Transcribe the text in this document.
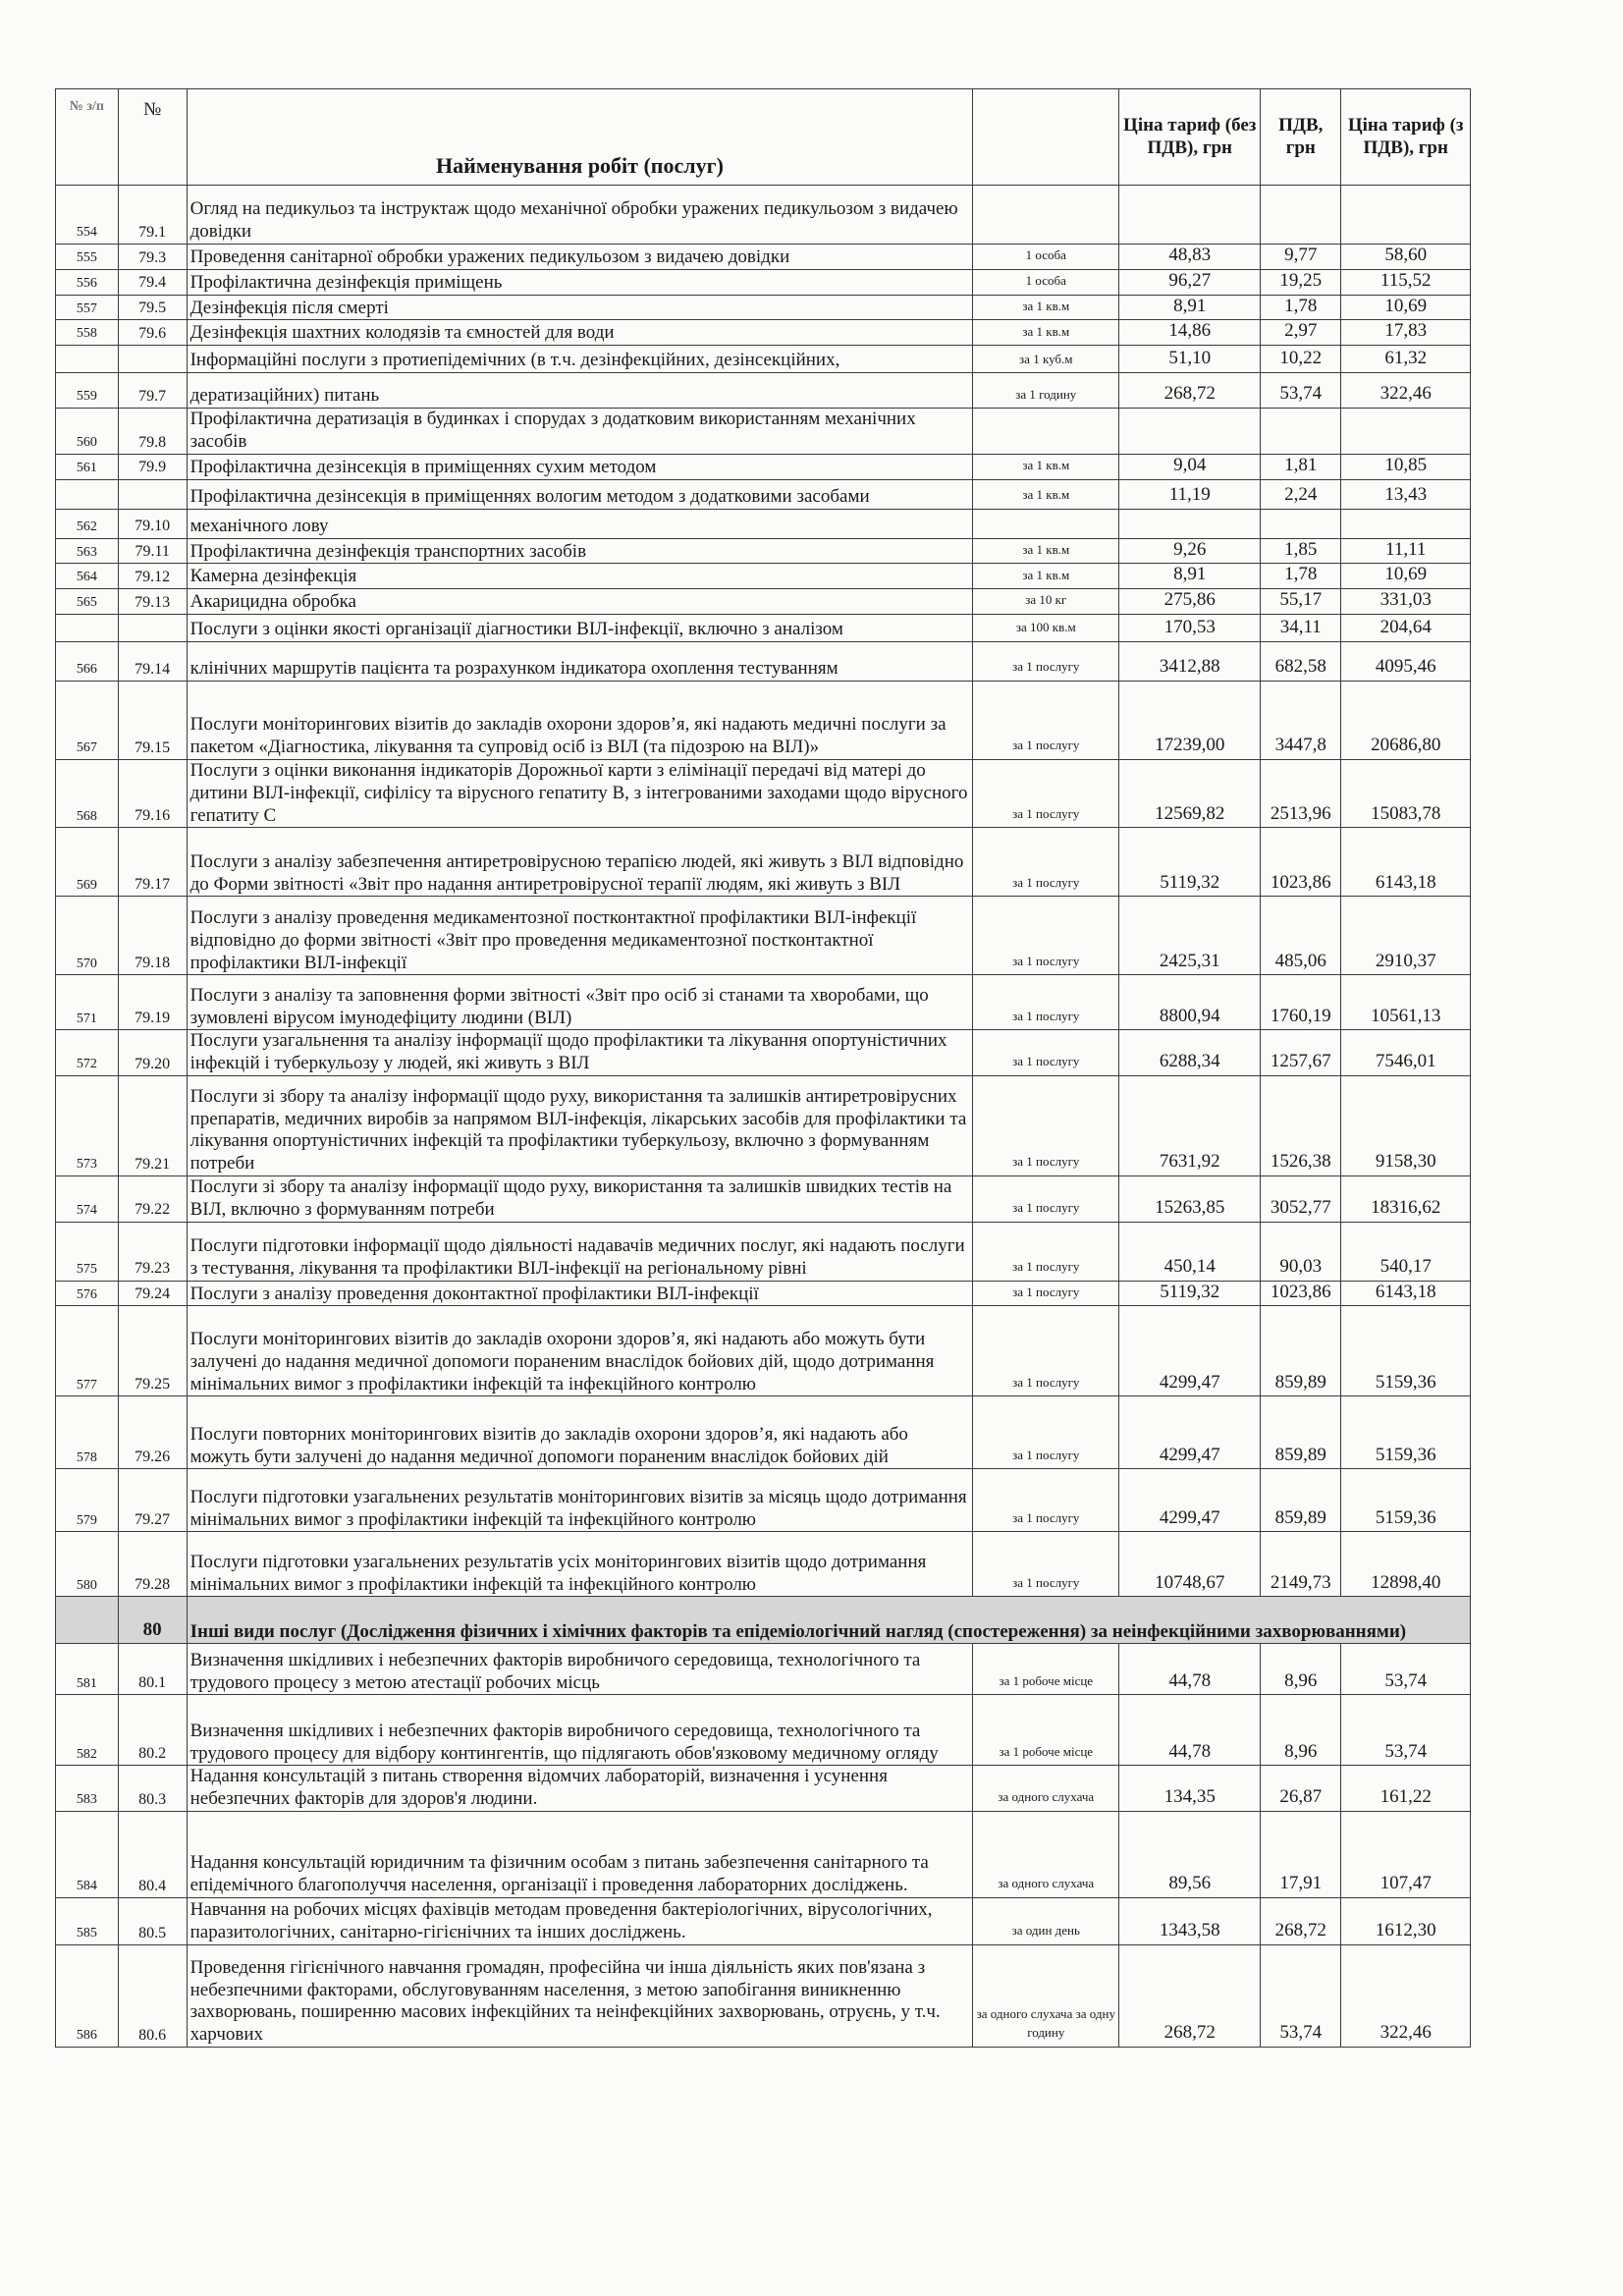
№ з/п	№	Найменування робіт (послуг)		Ціна тариф (без ПДВ), грн	ПДВ, грн	Ціна тариф (з ПДВ), грн
554	79.1	Огляд на педикульоз та інструктаж щодо механічної обробки уражених педикульозом з видачею довідки				
555	79.3	Проведення санітарної обробки уражених педикульозом з видачею довідки	1 особа	48,83	9,77	58,60
556	79.4	Профілактична дезінфекція приміщень	1 особа	96,27	19,25	115,52
557	79.5	Дезінфекція після смерті	за 1 кв.м	8,91	1,78	10,69
558	79.6	Дезінфекція шахтних колодязів та ємностей для води	за 1 кв.м	14,86	2,97	17,83
		Інформаційні послуги з протиепідемічних (в т.ч. дезінфекційних, дезінсекційних,	за 1 куб.м	51,10	10,22	61,32
559	79.7	дератизаційних) питань	за 1 годину	268,72	53,74	322,46
560	79.8	Профілактична дератизація в будинках і спорудах з додатковим використанням механічних засобів				
561	79.9	Профілактична дезінсекція в приміщеннях сухим методом	за 1 кв.м	9,04	1,81	10,85
		Профілактична дезінсекція в приміщеннях вологим методом з додатковими засобами	за 1 кв.м	11,19	2,24	13,43
562	79.10	механічного лову				
563	79.11	Профілактична дезінфекція транспортних засобів	за 1 кв.м	9,26	1,85	11,11
564	79.12	Камерна дезінфекція	за 1 кв.м	8,91	1,78	10,69
565	79.13	Акарицидна обробка	за 10 кг	275,86	55,17	331,03
		Послуги з оцінки якості організації діагностики ВІЛ-інфекції, включно з аналізом	за 100 кв.м	170,53	34,11	204,64
566	79.14	клінічних маршрутів пацієнта та розрахунком індикатора охоплення тестуванням	за 1 послугу	3412,88	682,58	4095,46
567	79.15	Послуги моніторингових візитів до закладів охорони здоров’я, які надають медичні послуги за пакетом «Діагностика, лікування та супровід осіб із ВІЛ (та підозрою на ВІЛ)»	за 1 послугу	17239,00	3447,8	20686,80
568	79.16	Послуги з оцінки виконання індикаторів Дорожньої карти з елімінації передачі від матері до дитини ВІЛ-інфекції, сифілісу та вірусного гепатиту В, з інтегрованими заходами щодо вірусного гепатиту С	за 1 послугу	12569,82	2513,96	15083,78
569	79.17	Послуги з аналізу забезпечення антиретровірусною терапією людей, які живуть з ВІЛ відповідно до Форми звітності «Звіт про надання антиретровірусної терапії людям, які живуть з ВІЛ	за 1 послугу	5119,32	1023,86	6143,18
570	79.18	Послуги з аналізу проведення медикаментозної постконтактної профілактики ВІЛ-інфекції відповідно до форми звітності «Звіт про проведення медикаментозної постконтактної профілактики ВІЛ-інфекції	за 1 послугу	2425,31	485,06	2910,37
571	79.19	Послуги з аналізу та заповнення форми звітності «Звіт про осіб зі станами та хворобами, що зумовлені вірусом імунодефіциту людини (ВІЛ)	за 1 послугу	8800,94	1760,19	10561,13
572	79.20	Послуги узагальнення та аналізу інформації щодо профілактики та лікування опортуністичних інфекцій і туберкульозу у людей, які живуть з ВІЛ	за 1 послугу	6288,34	1257,67	7546,01
573	79.21	Послуги зі збору та аналізу інформації щодо руху, використання та залишків антиретровірусних препаратів, медичних виробів за напрямом ВІЛ-інфекція, лікарських засобів для профілактики та лікування опортуністичних інфекцій та профілактики туберкульозу, включно з формуванням потреби	за 1 послугу	7631,92	1526,38	9158,30
574	79.22	Послуги зі збору та аналізу інформації щодо руху, використання та залишків швидких тестів на ВІЛ, включно з формуванням потреби	за 1 послугу	15263,85	3052,77	18316,62
575	79.23	Послуги підготовки інформації щодо діяльності надавачів медичних послуг, які надають послуги з тестування, лікування та профілактики ВІЛ-інфекції на регіональному рівні	за 1 послугу	450,14	90,03	540,17
576	79.24	Послуги з аналізу проведення доконтактної профілактики ВІЛ-інфекції	за 1 послугу	5119,32	1023,86	6143,18
577	79.25	Послуги моніторингових візитів до закладів охорони здоров’я, які надають або можуть бути залучені до надання медичної допомоги пораненим внаслідок бойових дій, щодо дотримання мінімальних вимог з профілактики інфекцій та інфекційного контролю	за 1 послугу	4299,47	859,89	5159,36
578	79.26	Послуги повторних моніторингових візитів до закладів охорони здоров’я, які надають або можуть бути залучені до надання медичної допомоги пораненим внаслідок бойових дій	за 1 послугу	4299,47	859,89	5159,36
579	79.27	Послуги підготовки узагальнених результатів моніторингових візитів за місяць щодо дотримання мінімальних вимог з профілактики інфекцій та інфекційного контролю	за 1 послугу	4299,47	859,89	5159,36
580	79.28	Послуги підготовки узагальнених результатів усіх моніторингових візитів щодо дотримання мінімальних вимог з профілактики інфекцій та інфекційного контролю	за 1 послугу	10748,67	2149,73	12898,40
	80	Інші види послуг (Дослідження фізичних і хімічних факторів та епідеміологічний нагляд (спостереження) за неінфекційними захворюваннями)				
581	80.1	Визначення шкідливих і небезпечних факторів виробничого середовища, технологічного та трудового процесу з метою атестації робочих місць	за 1 робоче місце	44,78	8,96	53,74
582	80.2	Визначення шкідливих і небезпечних факторів виробничого середовища, технологічного та трудового процесу для відбору контингентів, що підлягають обов'язковому медичному огляду	за 1 робоче місце	44,78	8,96	53,74
583	80.3	Надання консультацій з питань створення відомчих лабораторій, визначення і усунення небезпечних факторів для здоров'я людини.	за одного слухача	134,35	26,87	161,22
584	80.4	Надання консультацій юридичним та фізичним особам з питань забезпечення санітарного та епідемічного благополуччя населення, організації і проведення лабораторних досліджень.	за одного слухача	89,56	17,91	107,47
585	80.5	Навчання на робочих місцях фахівців методам проведення бактеріологічних, вірусологічних, паразитологічних, санітарно-гігієнічних та інших досліджень.	за один день	1343,58	268,72	1612,30
586	80.6	Проведення гігієнічного навчання громадян, професійна чи інша діяльність яких пов'язана з небезпечними факторами, обслуговуванням населення, з метою запобігання виникненню захворювань, поширенню масових інфекційних та неінфекційних захворювань, отруєнь, у т.ч. харчових	за одного слухача за одну годину	268,72	53,74	322,46
